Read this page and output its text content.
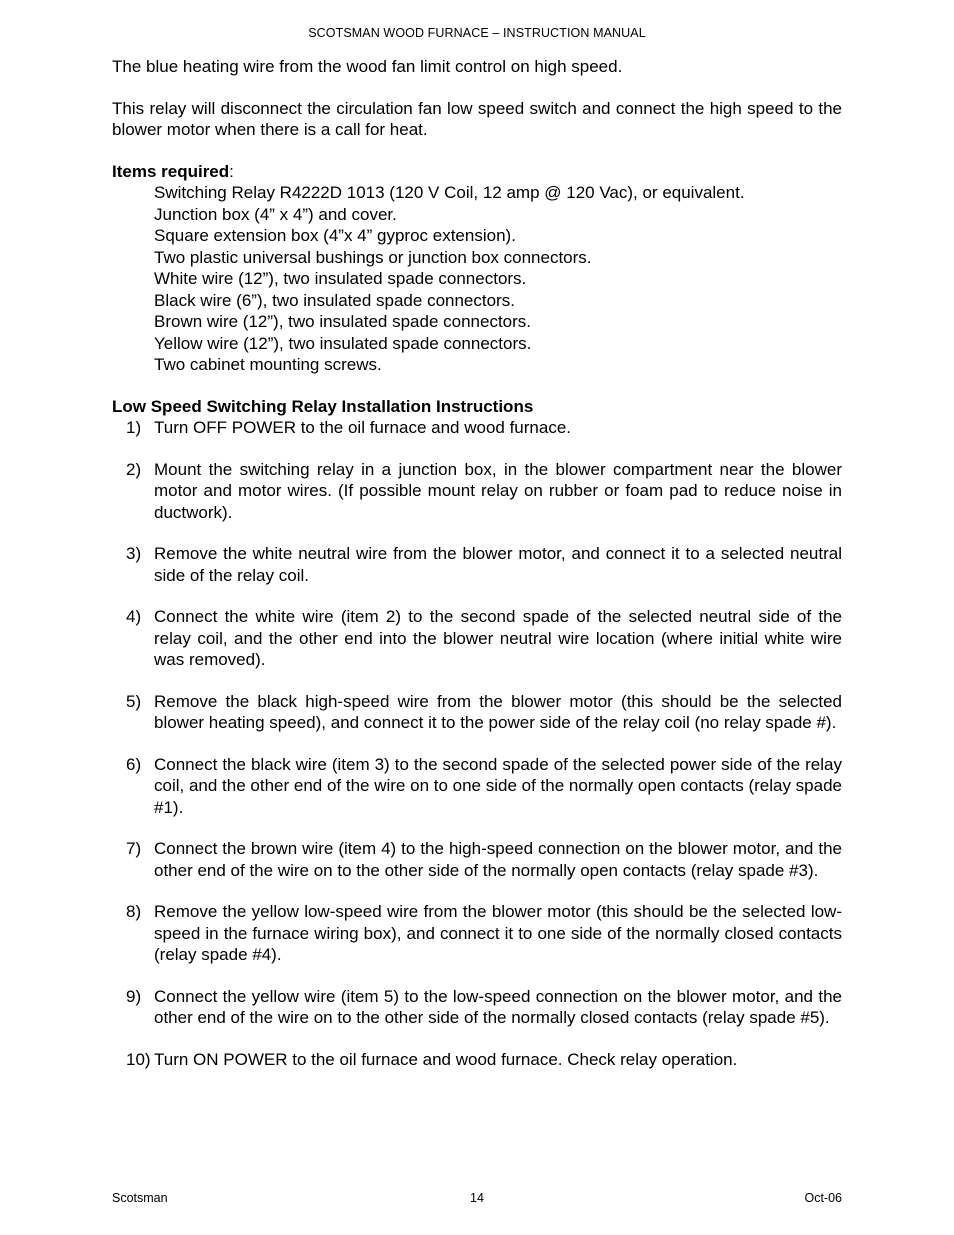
SCOTSMAN WOOD FURNACE – INSTRUCTION MANUAL

The blue heating wire from the wood fan limit control on high speed.

This relay will disconnect the circulation fan low speed switch and connect the high speed to the blower motor when there is a call for heat.

Items required:

Switching Relay R4222D 1013 (120 V Coil, 12 amp @ 120 Vac), or equivalent.

Junction box (4” x 4”) and cover.

Square extension box (4”x 4” gyproc extension).

Two plastic universal bushings or junction box connectors.

White wire (12”), two insulated spade connectors.

Black wire (6”), two insulated spade connectors.

Brown wire (12”), two insulated spade connectors.

Yellow wire (12”), two insulated spade connectors.

Two cabinet mounting screws.

Low Speed Switching Relay Installation Instructions

1) Turn OFF POWER to the oil furnace and wood furnace.
2) Mount the switching relay in a junction box, in the blower compartment near the blower motor and motor wires. (If possible mount relay on rubber or foam pad to reduce noise in ductwork).
3) Remove the white neutral wire from the blower motor, and connect it to a selected neutral side of the relay coil.
4) Connect the white wire (item 2) to the second spade of the selected neutral side of the relay coil, and the other end into the blower neutral wire location (where initial white wire was removed).
5) Remove the black high-speed wire from the blower motor (this should be the selected blower heating speed), and connect it to the power side of the relay coil (no relay spade #).
6) Connect the black wire (item 3) to the second spade of the selected power side of the relay coil, and the other end of the wire on to one side of the normally open contacts (relay spade #1).
7) Connect the brown wire (item 4) to the high-speed connection on the blower motor, and the other end of the wire on to the other side of the normally open contacts (relay spade #3).
8) Remove the yellow low-speed wire from the blower motor (this should be the selected low-speed in the furnace wiring box), and connect it to one side of the normally closed contacts (relay spade #4).
9) Connect the yellow wire (item 5) to the low-speed connection on the blower motor, and the other end of the wire on to the other side of the normally closed contacts (relay spade #5).
10) Turn ON POWER to the oil furnace and wood furnace. Check relay operation.
Scotsman	14	Oct-06
